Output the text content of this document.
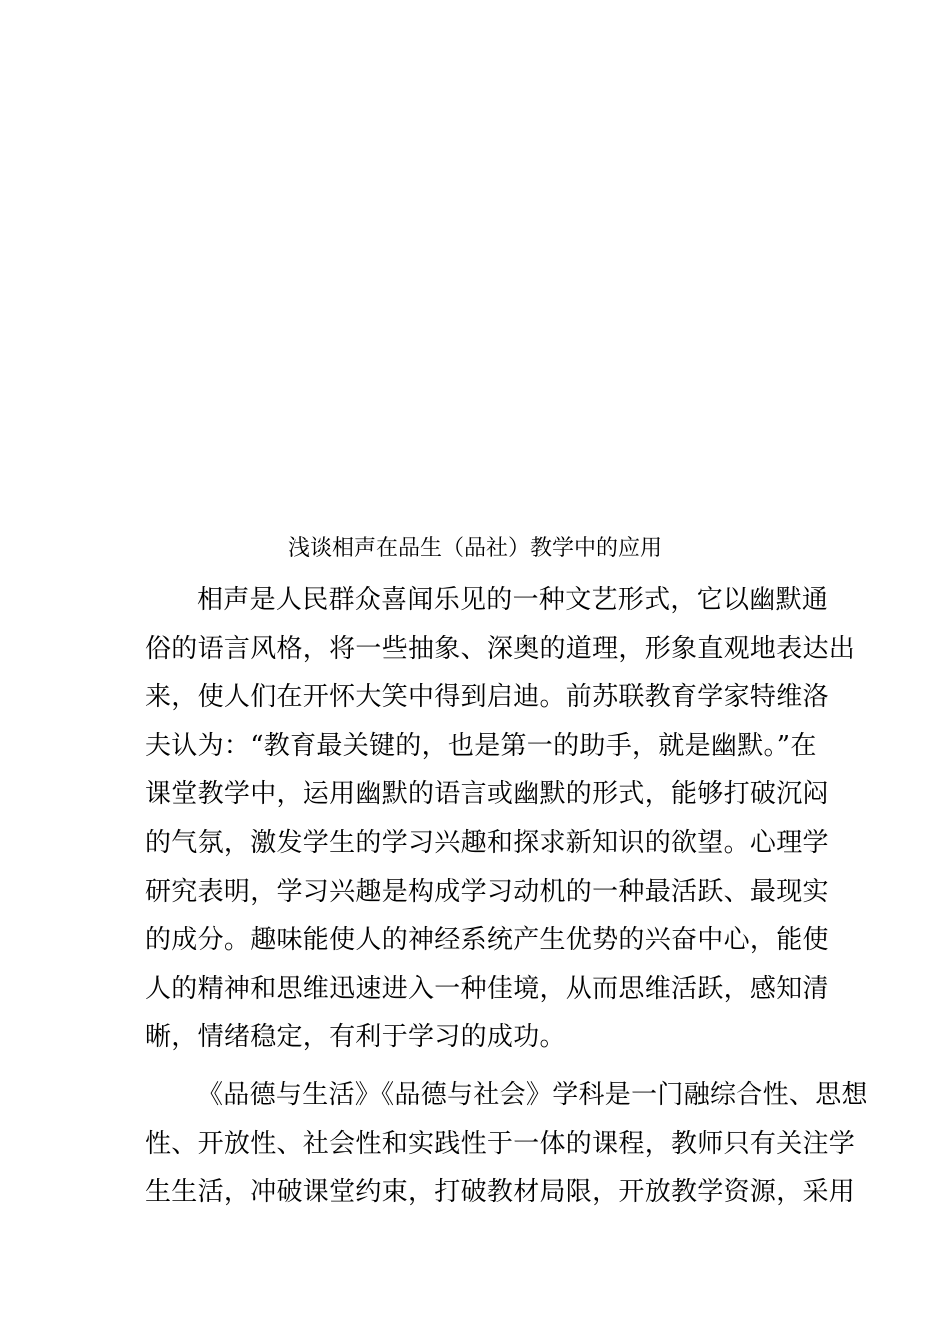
浅谈相声在品生（品社）教学中的应用
相声是人民群众喜闻乐见的一种文艺形式，它以幽默通
俗的语言风格，将一些抽象、深奥的道理，形象直观地表达出
来，使人们在开怀大笑中得到启迪。前苏联教育学家特维洛
夫认为：“教育最关键的，也是第一的助手，就是幽默。”在
课堂教学中，运用幽默的语言或幽默的形式，能够打破沉闷
的气氛，激发学生的学习兴趣和探求新知识的欲望。心理学
研究表明，学习兴趣是构成学习动机的一种最活跃、最现实
的成分。趣味能使人的神经系统产生优势的兴奋中心，能使
人的精神和思维迅速进入一种佳境，从而思维活跃，感知清
晰，情绪稳定，有利于学习的成功。
《品德与生活》《品德与社会》学科是一门融综合性、思想
性、开放性、社会性和实践性于一体的课程，教师只有关注学
生生活，冲破课堂约束，打破教材局限，开放教学资源，采用
